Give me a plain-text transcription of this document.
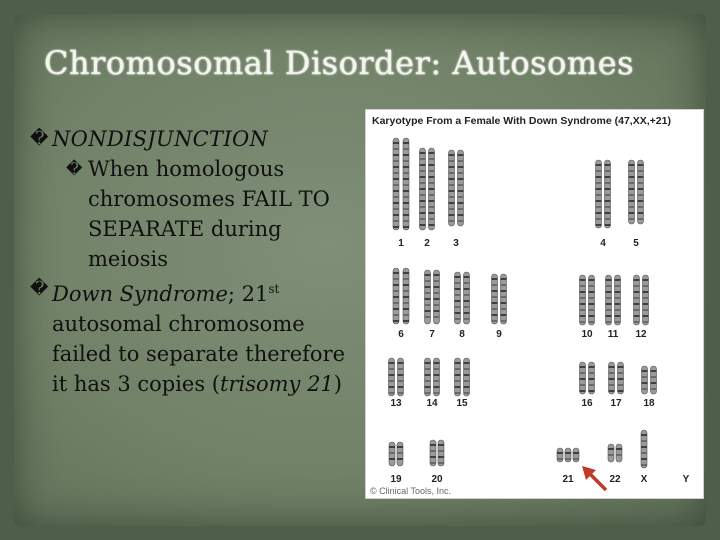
Chromosomal Disorder: Autosomes
� NONDISJUNCTION
� When homologous chromosomes FAIL TO SEPARATE during meiosis
� Down Syndrome; 21st autosomal chromosome failed to separate therefore it has 3 copies (trisomy 21)
Karyotype From a Female With Down Syndrome (47,XX,+21)
1 2 3	4	5
6	7 8	9	10 11 12
13 14 15	16 17 18
19	20	21	22 X	Y
© Clinical Tools, Inc.
